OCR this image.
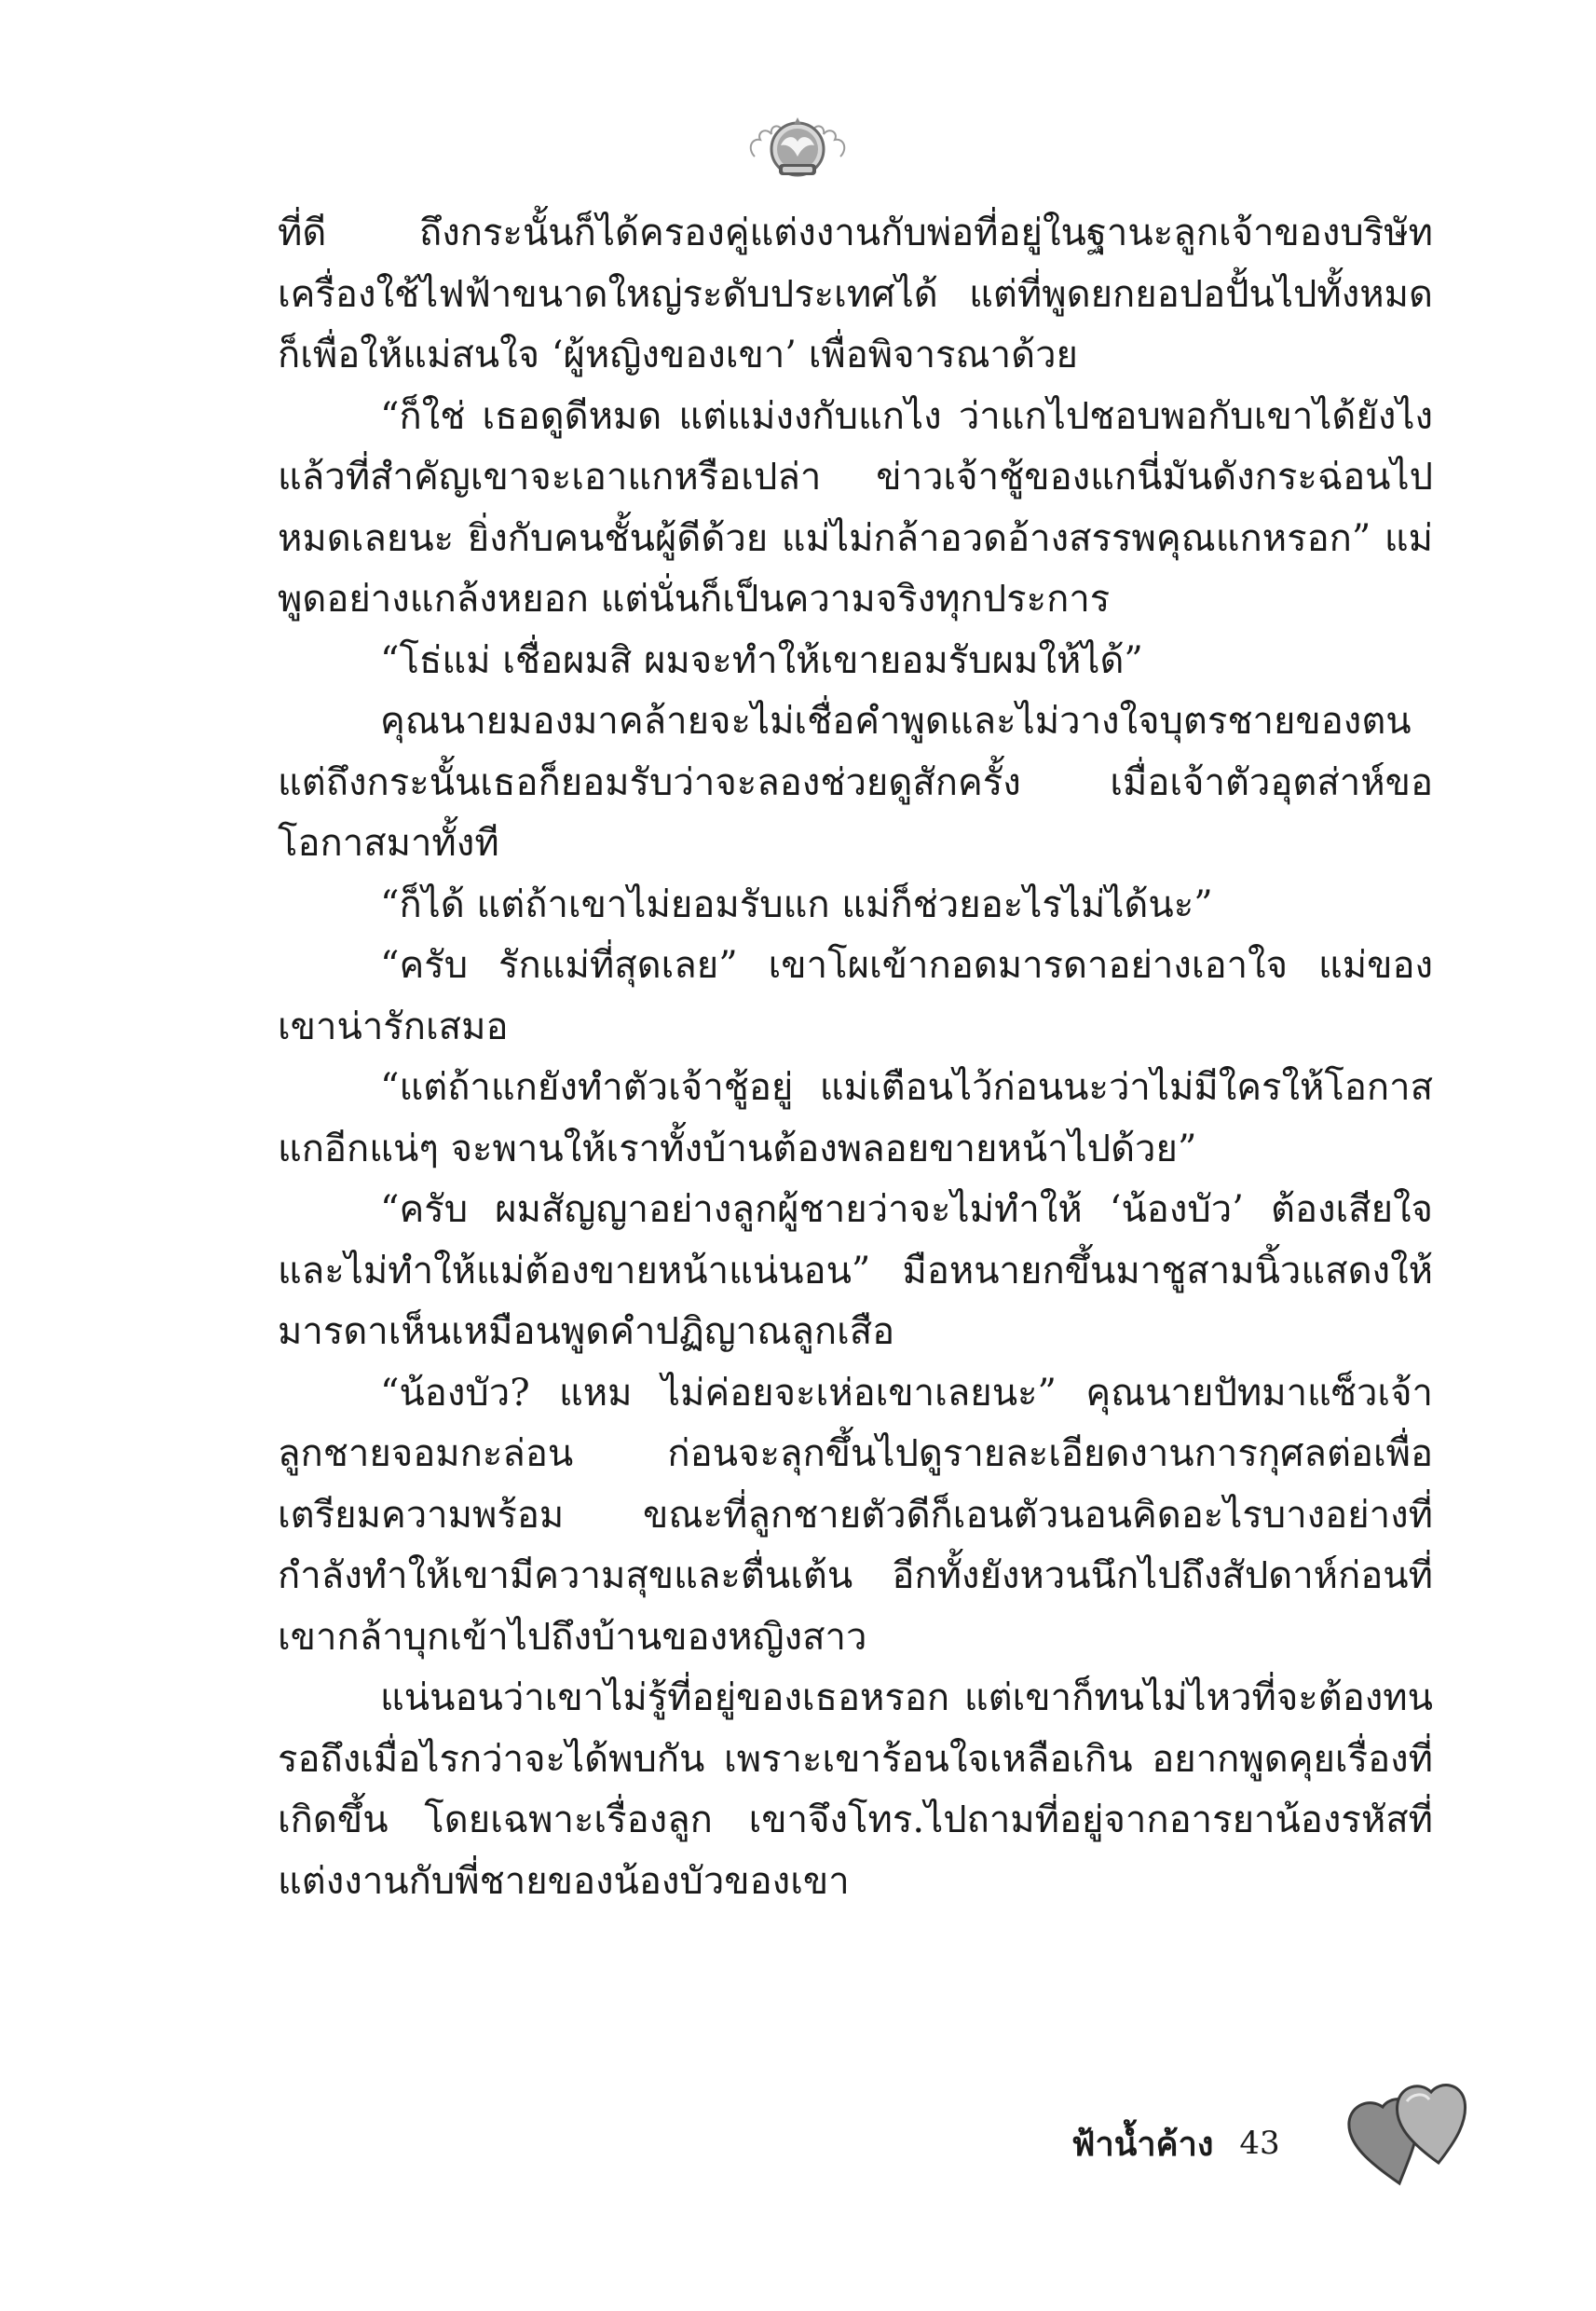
ที่ดี ถึงกระนั้นก็ได้ครองคู่แต่งงานกับพ่อที่อยู่ในฐานะลูกเจ้าของบริษัทเครื่องใช้ไฟฟ้าขนาดใหญ่ระดับประเทศได้ แต่ที่พูดยกยอปอปั้นไปทั้งหมดก็เพื่อให้แม่สนใจ ‘ผู้หญิงของเขา’ เพื่อพิจารณาด้วย

“ก็ใช่ เธอดูดีหมด แต่แม่งงกับแกไง ว่าแกไปชอบพอกับเขาได้ยังไง แล้วที่สำคัญเขาจะเอาแกหรือเปล่า ข่าวเจ้าชู้ของแกนี่มันดังกระฉ่อนไปหมดเลยนะ ยิ่งกับคนชั้นผู้ดีด้วย แม่ไม่กล้าอวดอ้างสรรพคุณแกหรอก” แม่พูดอย่างแกล้งหยอก แต่นั่นก็เป็นความจริงทุกประการ

“โธ่แม่ เชื่อผมสิ ผมจะทำให้เขายอมรับผมให้ได้”

คุณนายมองมาคล้ายจะไม่เชื่อคำพูดและไม่วางใจบุตรชายของตน แต่ถึงกระนั้นเธอก็ยอมรับว่าจะลองช่วยดูสักครั้ง เมื่อเจ้าตัวอุตส่าห์ขอโอกาสมาทั้งที

“ก็ได้ แต่ถ้าเขาไม่ยอมรับแก แม่ก็ช่วยอะไรไม่ได้นะ”

“ครับ รักแม่ที่สุดเลย” เขาโผเข้ากอดมารดาอย่างเอาใจ แม่ของเขาน่ารักเสมอ

“แต่ถ้าแกยังทำตัวเจ้าชู้อยู่ แม่เตือนไว้ก่อนนะว่าไม่มีใครให้โอกาสแกอีกแน่ๆ จะพานให้เราทั้งบ้านต้องพลอยขายหน้าไปด้วย”

“ครับ ผมสัญญาอย่างลูกผู้ชายว่าจะไม่ทำให้ ‘น้องบัว’ ต้องเสียใจและไม่ทำให้แม่ต้องขายหน้าแน่นอน” มือหนายกขึ้นมาชูสามนิ้วแสดงให้มารดาเห็นเหมือนพูดคำปฏิญาณลูกเสือ

“น้องบัว? แหม ไม่ค่อยจะเห่อเขาเลยนะ” คุณนายปัทมาแซ็วเจ้าลูกชายจอมกะล่อน ก่อนจะลุกขึ้นไปดูรายละเอียดงานการกุศลต่อเพื่อเตรียมความพร้อม ขณะที่ลูกชายตัวดีก็เอนตัวนอนคิดอะไรบางอย่างที่กำลังทำให้เขามีความสุขและตื่นเต้น อีกทั้งยังหวนนึกไปถึงสัปดาห์ก่อนที่เขากล้าบุกเข้าไปถึงบ้านของหญิงสาว

แน่นอนว่าเขาไม่รู้ที่อยู่ของเธอหรอก แต่เขาก็ทนไม่ไหวที่จะต้องทนรอถึงเมื่อไรกว่าจะได้พบกัน เพราะเขาร้อนใจเหลือเกิน อยากพูดคุยเรื่องที่เกิดขึ้น โดยเฉพาะเรื่องลูก เขาจึงโทร.ไปถามที่อยู่จากอารยาน้องรหัสที่แต่งงานกับพี่ชายของน้องบัวของเขา

ฟ้าน้ำค้าง 43
